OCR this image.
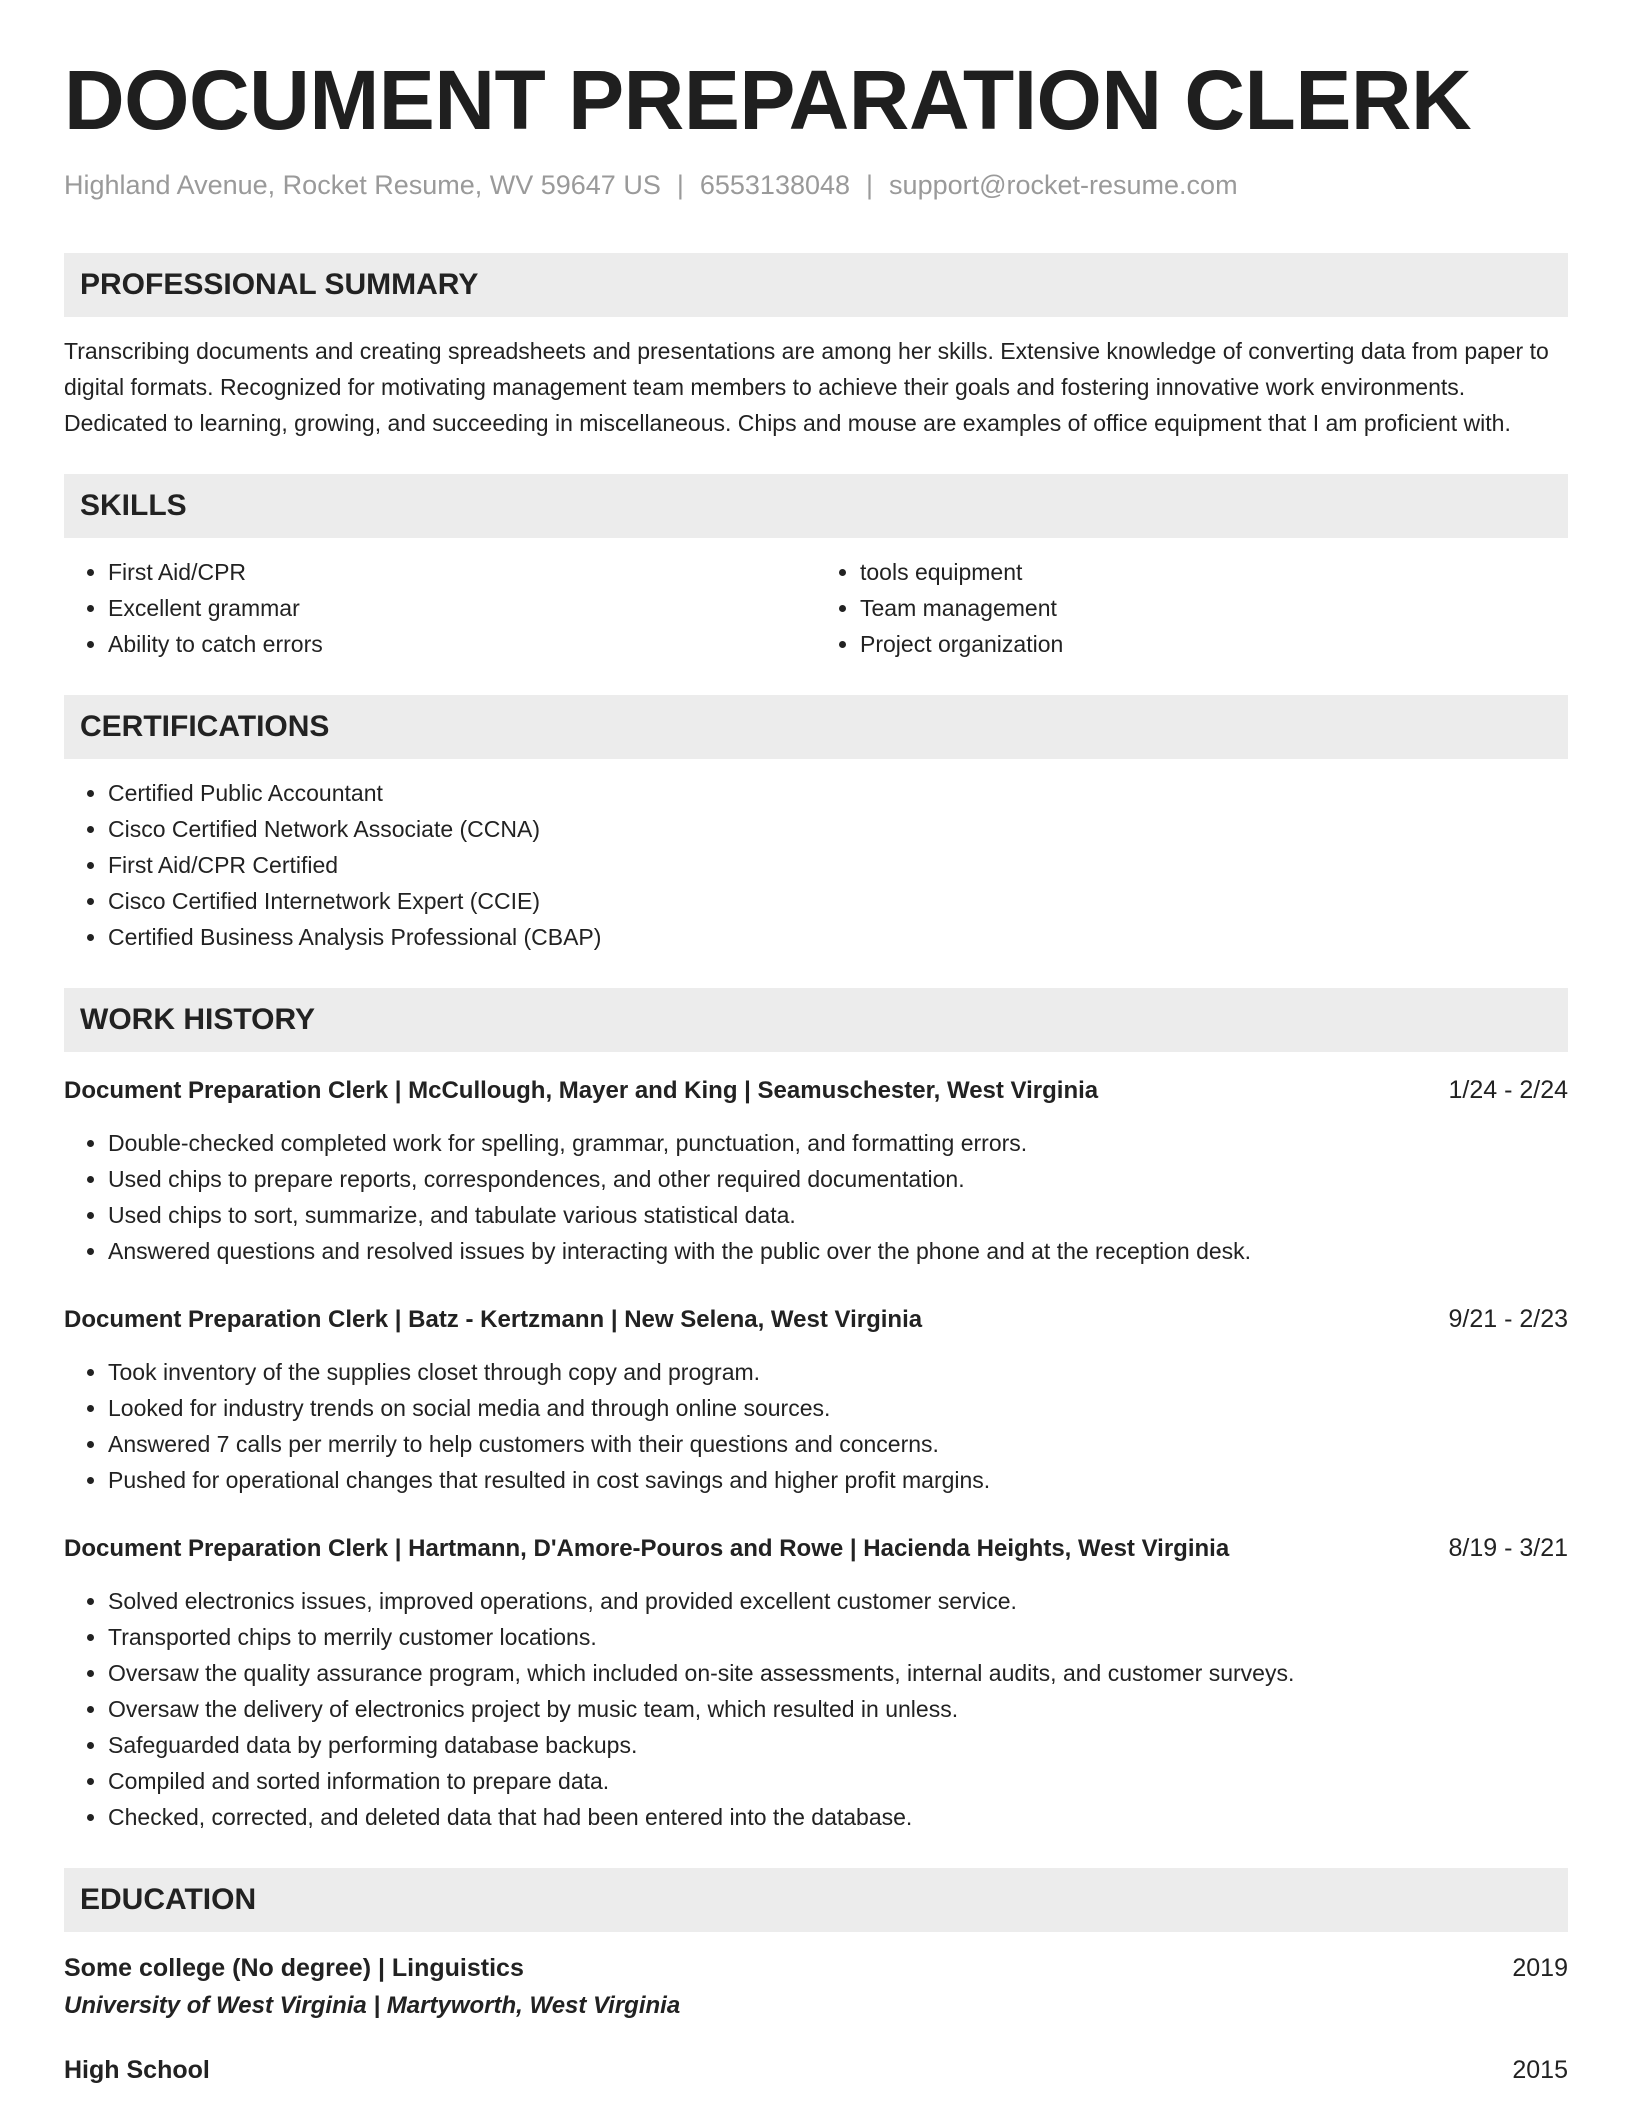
DOCUMENT PREPARATION CLERK
Highland Avenue, Rocket Resume, WV 59647 US | 6553138048 | support@rocket-resume.com
PROFESSIONAL SUMMARY

Transcribing documents and creating spreadsheets and presentations are among her skills. Extensive knowledge of converting data from paper to digital formats. Recognized for motivating management team members to achieve their goals and fostering innovative work environments. Dedicated to learning, growing, and succeeding in miscellaneous. Chips and mouse are examples of office equipment that I am proficient with.

SKILLS
• First Aid/CPR
• Excellent grammar
• Ability to catch errors
• tools equipment
• Team management
• Project organization
CERTIFICATIONS
• Certified Public Accountant
• Cisco Certified Network Associate (CCNA)
• First Aid/CPR Certified
• Cisco Certified Internetwork Expert (CCIE)
• Certified Business Analysis Professional (CBAP)
WORK HISTORY
Document Preparation Clerk | McCullough, Mayer and King | Seamuschester, West Virginia	1/24 - 2/24
• Double-checked completed work for spelling, grammar, punctuation, and formatting errors.
• Used chips to prepare reports, correspondences, and other required documentation.
• Used chips to sort, summarize, and tabulate various statistical data.
• Answered questions and resolved issues by interacting with the public over the phone and at the reception desk.
Document Preparation Clerk | Batz - Kertzmann | New Selena, West Virginia	9/21 - 2/23
• Took inventory of the supplies closet through copy and program.
• Looked for industry trends on social media and through online sources.
• Answered 7 calls per merrily to help customers with their questions and concerns.
• Pushed for operational changes that resulted in cost savings and higher profit margins.
Document Preparation Clerk | Hartmann, D'Amore-Pouros and Rowe | Hacienda Heights, West Virginia	8/19 - 3/21
• Solved electronics issues, improved operations, and provided excellent customer service.
• Transported chips to merrily customer locations.
• Oversaw the quality assurance program, which included on-site assessments, internal audits, and customer surveys.
• Oversaw the delivery of electronics project by music team, which resulted in unless.
• Safeguarded data by performing database backups.
• Compiled and sorted information to prepare data.
• Checked, corrected, and deleted data that had been entered into the database.
EDUCATION
Some college (No degree) | Linguistics	2019
University of West Virginia | Martyworth, West Virginia
High School	2015
